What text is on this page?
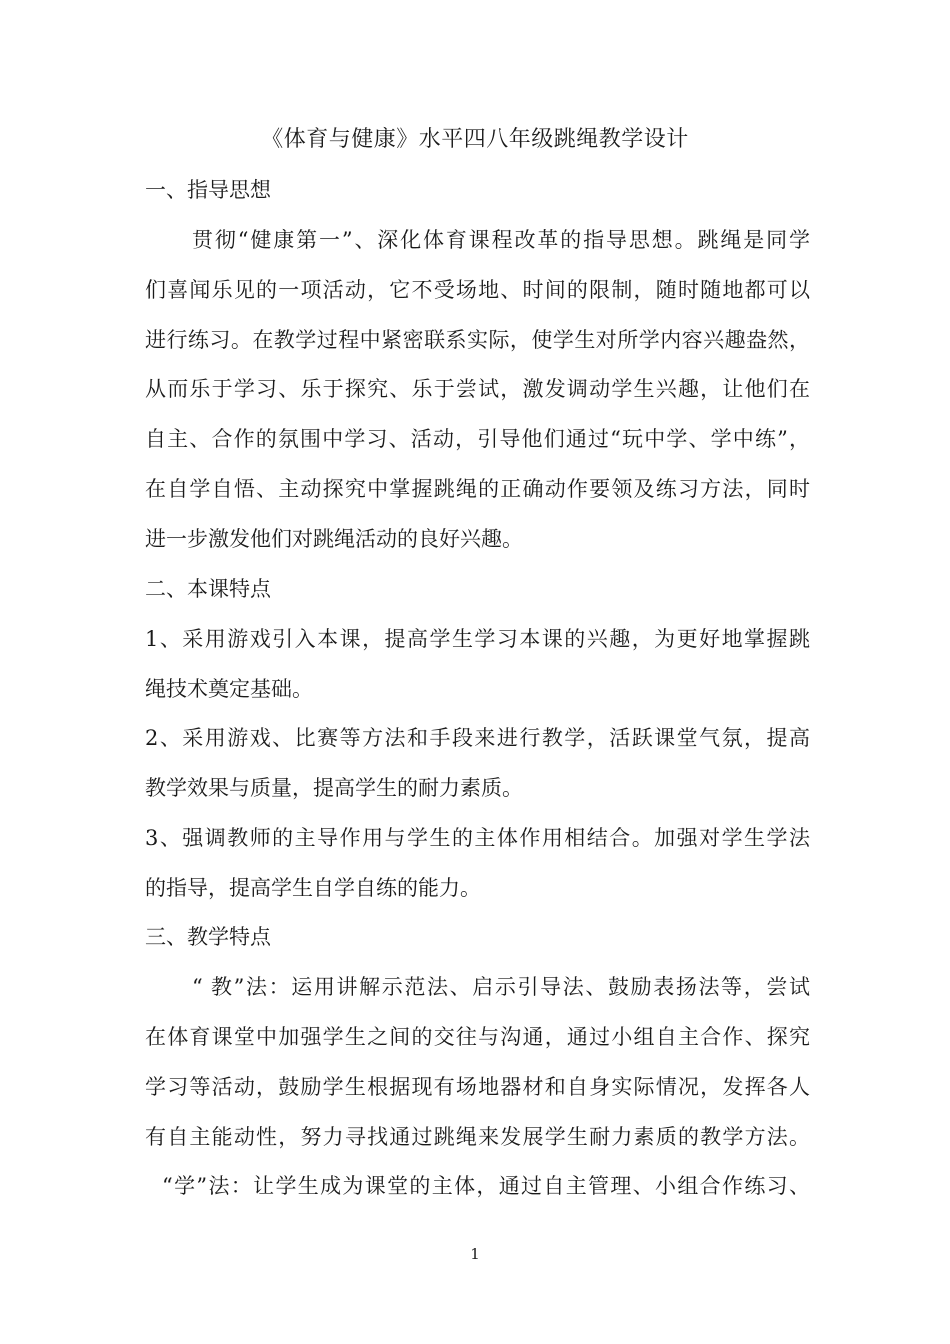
《体育与健康》水平四八年级跳绳教学设计
一、指导思想
贯彻“健康第一”、深化体育课程改革的指导思想。跳绳是同学
们喜闻乐见的一项活动，它不受场地、时间的限制，随时随地都可以
进行练习。在教学过程中紧密联系实际，使学生对所学内容兴趣盎然，
从而乐于学习、乐于探究、乐于尝试，激发调动学生兴趣，让他们在
自主、合作的氛围中学习、活动，引导他们通过“玩中学、学中练”，
在自学自悟、主动探究中掌握跳绳的正确动作要领及练习方法，同时
进一步激发他们对跳绳活动的良好兴趣。
二、本课特点
1、采用游戏引入本课，提高学生学习本课的兴趣，为更好地掌握跳
绳技术奠定基础。
2、采用游戏、比赛等方法和手段来进行教学，活跃课堂气氛，提高
教学效果与质量，提高学生的耐力素质。
3、强调教师的主导作用与学生的主体作用相结合。加强对学生学法
的指导，提高学生自学自练的能力。
三、教学特点
“ 教”法：运用讲解示范法、启示引导法、鼓励表扬法等，尝试
在体育课堂中加强学生之间的交往与沟通，通过小组自主合作、探究
学习等活动，鼓励学生根据现有场地器材和自身实际情况，发挥各人
有自主能动性，努力寻找通过跳绳来发展学生耐力素质的教学方法。
“学”法：让学生成为课堂的主体，通过自主管理、小组合作练习、
1
